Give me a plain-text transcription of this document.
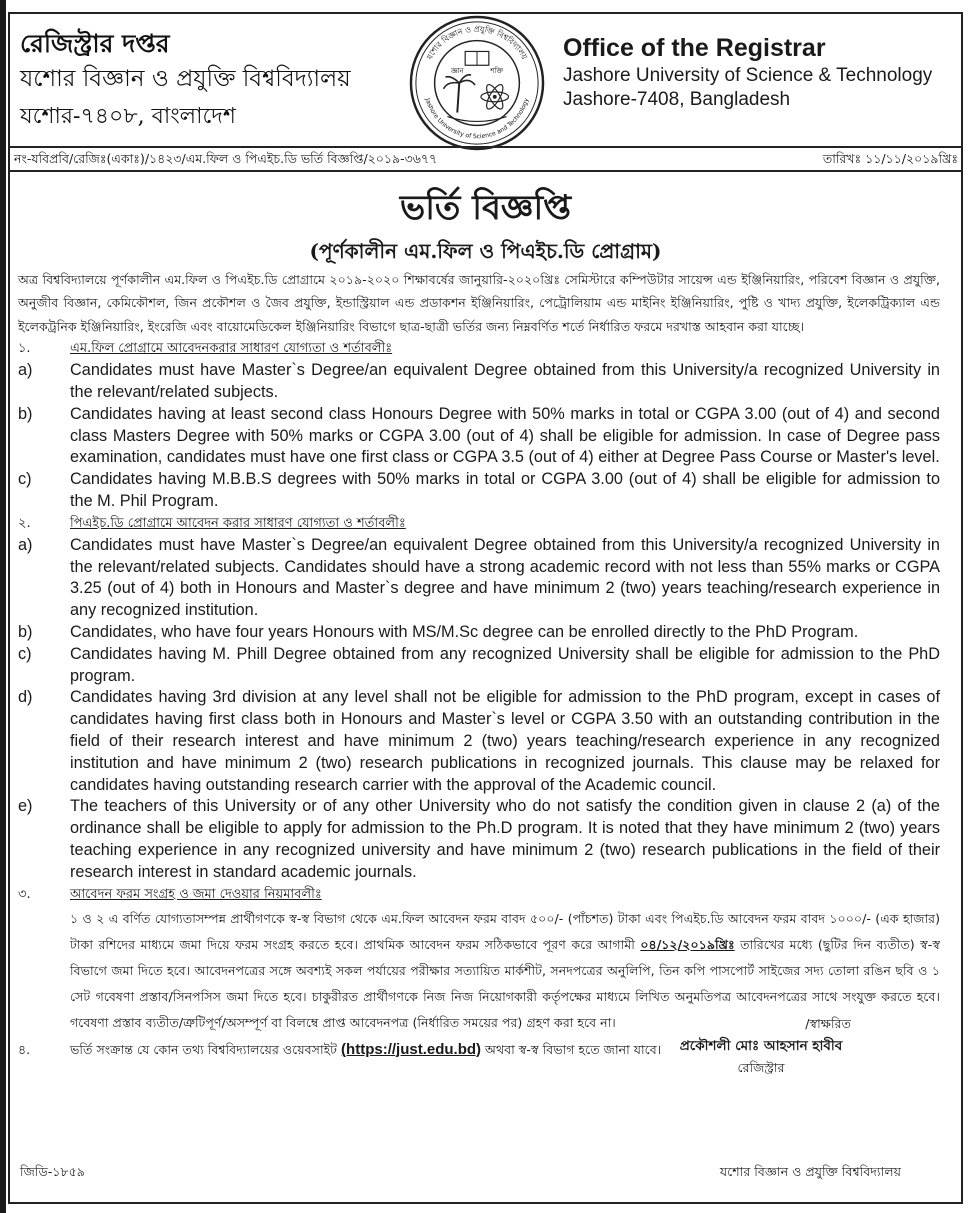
রেজিস্ট্রার দপ্তর
যশোর বিজ্ঞান ও প্রযুক্তি বিশ্ববিদ্যালয়
যশোর-৭৪০৮, বাংলাদেশ
যশোর বিজ্ঞান ও প্রযুক্তি বিশ্ববিদ্যালয়
Jashore University of Science and Technology
জ্ঞান	শক্তি
Office of the Registrar
Jashore University of Science & Technology
Jashore-7408, Bangladesh
নং-যবিপ্রবি/রেজিঃ(একাঃ)/১৪২৩/এম.ফিল ও পিএইচ.ডি ভর্তি বিজ্ঞপ্তি/২০১৯-৩৬৭৭	তারিখঃ ১১/১১/২০১৯খ্রিঃ
ভর্তি বিজ্ঞপ্তি
(পূর্ণকালীন এম.ফিল ও পিএইচ.ডি প্রোগ্রাম)

অত্র বিশ্ববিদ্যালয়ে পূর্ণকালীন এম.ফিল ও পিএইচ.ডি প্রোগ্রামে ২০১৯-২০২০ শিক্ষাবর্ষের জানুয়ারি-২০২০খ্রিঃ সেমিস্টারে কম্পিউটার সায়েন্স এন্ড ইঞ্জিনিয়ারিং, পরিবেশ বিজ্ঞান ও প্রযুক্তি, অনুজীব বিজ্ঞান, কেমিকৌশল, জিন প্রকৌশল ও জৈব প্রযুক্তি, ইন্ডাস্ট্রিয়াল এন্ড প্রডাকশন ইঞ্জিনিয়ারিং, পেট্রোলিয়াম এন্ড মাইনিং ইঞ্জিনিয়ারিং, পুষ্টি ও খাদ্য প্রযুক্তি, ইলেকট্রিক্যাল এন্ড ইলেকট্রনিক ইঞ্জিনিয়ারিং, ইংরেজি এবং বায়োমেডিকেল ইঞ্জিনিয়ারিং বিভাগে ছাত্র-ছাত্রী ভর্তির জন্য নিম্নবর্ণিত শর্তে নির্ধারিত ফরমে দরখাস্ত আহবান করা যাচ্ছে।

১.	এম.ফিল প্রোগ্রামে আবেদনকরার সাধারণ যোগ্যতা ও শর্তাবলীঃ
a)	Candidates must have Master`s Degree/an equivalent Degree obtained from this University/a recognized University in the relevant/related subjects.
b)	Candidates having at least second class Honours Degree with 50% marks in total or CGPA 3.00 (out of 4) and second class Masters Degree with 50% marks or CGPA 3.00 (out of 4) shall be eligible for admission. In case of Degree pass examination, candidates must have one first class or CGPA 3.5 (out of 4) either at Degree Pass Course or Master's level.
c)	Candidates having M.B.B.S degrees with 50% marks in total or CGPA 3.00 (out of 4) shall be eligible for admission to the M. Phil Program.
২.	পিএইচ.ডি প্রোগ্রামে আবেদন করার সাধারণ যোগ্যতা ও শর্তাবলীঃ
a)	Candidates must have Master`s Degree/an equivalent Degree obtained from this University/a recognized University in the relevant/related subjects. Candidates should have a strong academic record with not less than 55% marks or CGPA 3.25 (out of 4) both in Honours and Master`s degree and have minimum 2 (two) years teaching/research experience in any recognized institution.
b)	Candidates, who have four years Honours with MS/M.Sc degree can be enrolled directly to the PhD Program.
c)	Candidates having M. Phill Degree obtained from any recognized University shall be eligible for admission to the PhD program.
d)	Candidates having 3rd division at any level shall not be eligible for admission to the PhD program, except in cases of candidates having first class both in Honours and Master`s level or CGPA 3.50 with an outstanding contribution in the field of their research interest and have minimum 2 (two) years teaching/research experience in any recognized institution and have minimum 2 (two) research publications in recognized journals. This clause may be relaxed for candidates having outstanding research carrier with the approval of the Academic council.
e)	The teachers of this University or of any other University who do not satisfy the condition given in clause 2 (a) of the ordinance shall be eligible to apply for admission to the Ph.D program. It is noted that they have minimum 2 (two) years teaching experience in any recognized university and have minimum 2 (two) research publications in the field of their research interest in standard academic journals.
৩.	আবেদন ফরম সংগ্রহ ও জমা দেওয়ার নিয়মাবলীঃ
১ ও ২ এ বর্ণিত যোগ্যতাসম্পন্ন প্রার্থীগণকে স্ব-স্ব বিভাগ থেকে এম.ফিল আবেদন ফরম বাবদ ৫০০/- (পাঁচশত) টাকা এবং পিএইচ.ডি আবেদন ফরম বাবদ ১০০০/- (এক হাজার) টাকা রশিদের মাধ্যমে জমা দিয়ে ফরম সংগ্রহ করতে হবে। প্রাথমিক আবেদন ফরম সঠিকভাবে পূরণ করে আগামী ০৪/১২/২০১৯খ্রিঃ তারিখের মধ্যে (ছুটির দিন ব্যতীত) স্ব-স্ব বিভাগে জমা দিতে হবে। আবেদনপত্রের সঙ্গে অবশ্যই সকল পর্যায়ের পরীক্ষার সত্যায়িত মার্কশীট, সনদপত্রের অনুলিপি, তিন কপি পাসপোর্ট সাইজের সদ্য তোলা রঙিন ছবি ও ১ সেট গবেষণা প্রস্তাব/সিনপসিস জমা দিতে হবে। চাকুরীরত প্রার্থীগণকে নিজ নিজ নিয়োগকারী কর্তৃপক্ষের মাধ্যমে লিখিত অনুমতিপত্র আবেদনপত্রের সাথে সংযুক্ত করতে হবে। গবেষণা প্রস্তাব ব্যতীত/ত্রুটিপূর্ণ/অসম্পূর্ণ বা বিলম্বে প্রাপ্ত আবেদনপত্র (নির্ধারিত সময়ের পর) গ্রহণ করা হবে না।
৪.	ভর্তি সংক্রান্ত যে কোন তথ্য বিশ্ববিদ্যালয়ের ওয়েবসাইট (https://just.edu.bd) অথবা স্ব-স্ব বিভাগ হতে জানা যাবে।
/স্বাক্ষরিত
প্রকৌশলী মোঃ আহসান হাবীব
রেজিস্ট্রার
জিডি-১৮৫৯	যশোর বিজ্ঞান ও প্রযুক্তি বিশ্ববিদ্যালয়
